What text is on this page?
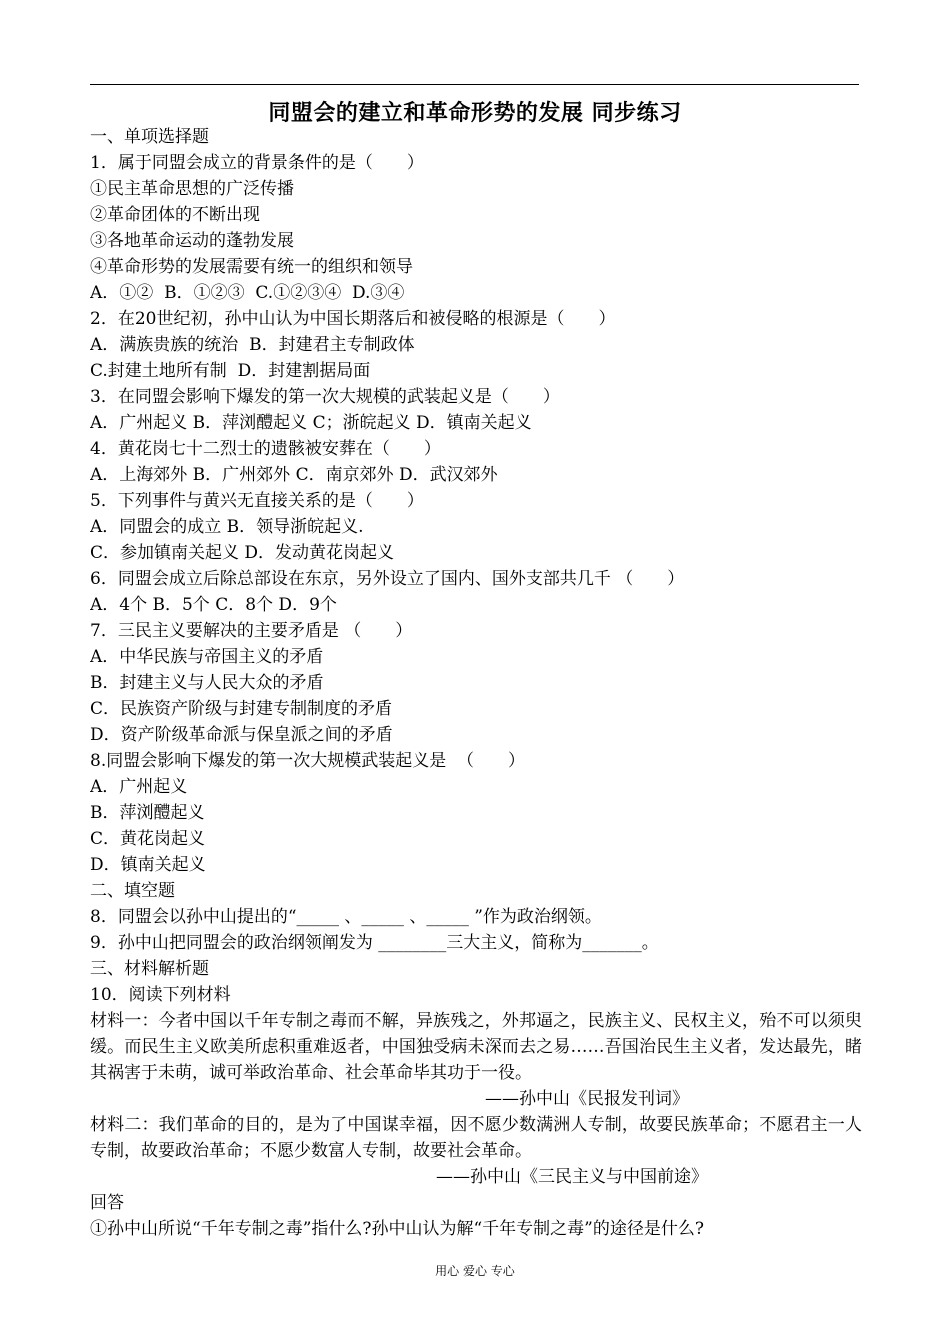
同盟会的建立和革命形势的发展 同步练习
一、单项选择题
1．属于同盟会成立的背景条件的是（　　）
①民主革命思想的广泛传播
②革命团体的不断出现
③各地革命运动的蓬勃发展
④革命形势的发展需要有统一的组织和领导
A．①②  B．①②③  C.①②③④  D.③④
2．在20世纪初，孙中山认为中国长期落后和被侵略的根源是（　　）
A．满族贵族的统治  B．封建君主专制政体
C.封建土地所有制  D．封建割据局面
3．在同盟会影响下爆发的第一次大规模的武装起义是（　　）
A．广州起义 B．萍浏醴起义 C；浙皖起义 D．镇南关起义
4．黄花岗七十二烈士的遗骸被安葬在（　　）
A．上海郊外 B．广州郊外 C．南京郊外 D．武汉郊外
5．下列事件与黄兴无直接关系的是（　　）
A．同盟会的成立 B．领导浙皖起义.
C．参加镇南关起义 D．发动黄花岗起义
6．同盟会成立后除总部设在东京，另外设立了国内、国外支部共几千 （　　）
A．4个 B．5个 C．8个 D．9个
7．三民主义要解决的主要矛盾是 （　　）
A．中华民族与帝国主义的矛盾
B．封建主义与人民大众的矛盾
C．民族资产阶级与封建专制制度的矛盾
D．资产阶级革命派与保皇派之间的矛盾
8.同盟会影响下爆发的第一次大规模武装起义是  （　　）
A．广州起义
B．萍浏醴起义
C．黄花岗起义
D．镇南关起义
二、填空题
8．同盟会以孙中山提出的“_____ 、_____ 、_____ ”作为政治纲领。
9．孙中山把同盟会的政治纲领阐发为 ________三大主义，简称为_______。
三、材料解析题
10．阅读下列材料
材料一：今者中国以千年专制之毒而不解，异族残之，外邦逼之，民族主义、民权主义，殆不可以须臾缓。而民生主义欧美所虑积重难返者，中国独受病未深而去之易……吾国治民生主义者，发达最先，睹其祸害于未萌，诚可举政治革命、社会革命毕其功于一役。
——孙中山《民报发刊词》
材料二：我们革命的目的，是为了中国谋幸福，因不愿少数满洲人专制，故要民族革命；不愿君主一人专制，故要政治革命；不愿少数富人专制，故要社会革命。
——孙中山《三民主义与中国前途》
回答
①孙中山所说“千年专制之毒”指什么?孙中山认为解“千年专制之毒”的途径是什么?
用心 爱心 专心
